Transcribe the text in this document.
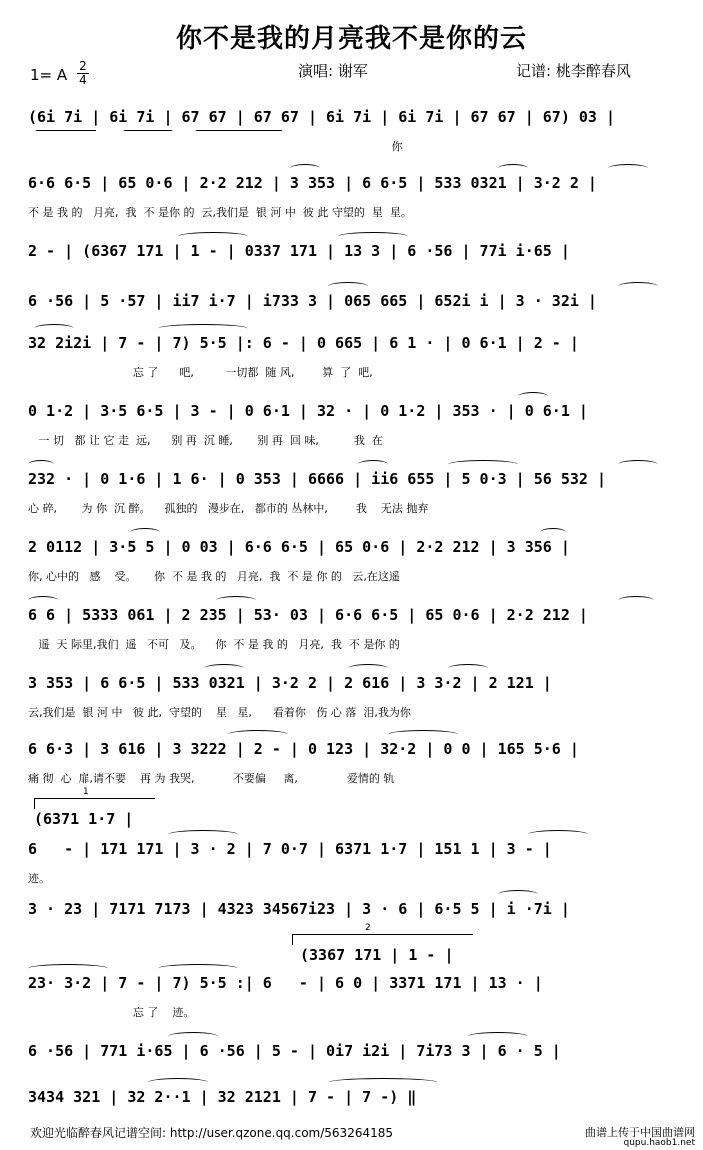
你不是我的月亮我不是你的云
演唱: 谢军	记谱: 桃李醉春风
1= A 2
4
(6i 7i | 6i 7i | 67 67 | 67 67 | 6i 7i | 6i 7i | 67 67 | 67) 03 |
你
6·6 6·5 | 65 0·6 | 2·2 212 | 3 353 | 6 6·5 | 533 0321 | 3·2 2 |
不 是 我 的   月亮,  我  不 是你 的  云,我们是  银 河 中  彼 此 守望的  星  星。
2 - | (6367 171 | 1 - | 0337 171 | 13 3 | 6 ·56 | 77i i·65 |
6 ·56 | 5 ·57 | ii7 i·7 | i733 3 | 065 665 | 652i i | 3 · 32i |
32 2i2i | 7 - | 7) 5·5 |: 6 - | 0 665 | 6 1 · | 0 6·1 | 2 - |
忘 了      吧,         一切都  随 风,        算  了  吧,
0 1·2 | 3·5 6·5 | 3 - | 0 6·1 | 32 · | 0 1·2 | 353 · | 0 6·1 |
一 切   都 让 它 走  远,      别 再  沉 睡,       别 再  回 味,          我  在
232 · | 0 1·6 | 1 6· | 0 353 | 6666 | ii6 655 | 5 0·3 | 56 532 |
心 碎,       为 你  沉 醉。    孤独的   漫步在,   都市的 丛林中,        我    无法 抛弃
2 0112 | 3·5 5 | 0 03 | 6·6 6·5 | 65 0·6 | 2·2 212 | 3 356 |
你, 心中的   感    受。     你  不 是 我 的   月亮,  我  不 是 你 的   云,在这遥
6 6 | 5333 061 | 2 235 | 53· 03 | 6·6 6·5 | 65 0·6 | 2·2 212 |
遥  天 际里,我们  遥   不可   及。    你  不 是 我 的   月亮,  我  不 是你 的
3 353 | 6 6·5 | 533 0321 | 3·2 2 | 2 616 | 3 3·2 | 2 121 |
云,我们是  银 河 中   彼 此,  守望的    星   星,      看着你   伤 心 落  泪,我为你
6 6·3 | 3 616 | 3 3222 | 2 - | 0 123 | 32·2 | 0 0 | 165 5·6 |
痛 彻  心  扉,请不要    再 为 我哭,           不要偏     离,              爱情的 轨
1
(6371 1·7 |
6   - | 171 171 | 3 · 2 | 7 0·7 | 6371 1·7 | 151 1 | 3 - |
迹。
3 · 23 | 7171 7173 | 4323 34567i23 | 3 · 6 | 6·5 5 | i ·7i |
2
(3367 171 | 1 - |
23· 3·2 | 7 - | 7) 5·5 :| 6   - | 6 0 | 3371 171 | 13 · |
忘 了    迹。
6 ·56 | 771 i·65 | 6 ·56 | 5 - | 0i7 i2i | 7i73 3 | 6 · 5 |
3434 321 | 32 2··1 | 32 2121 | 7 - | 7 -) ‖
欢迎光临醉春风记谱空间: http://user.qzone.qq.com/563264185	曲谱上传于中国曲谱网
qupu.haob1.net
